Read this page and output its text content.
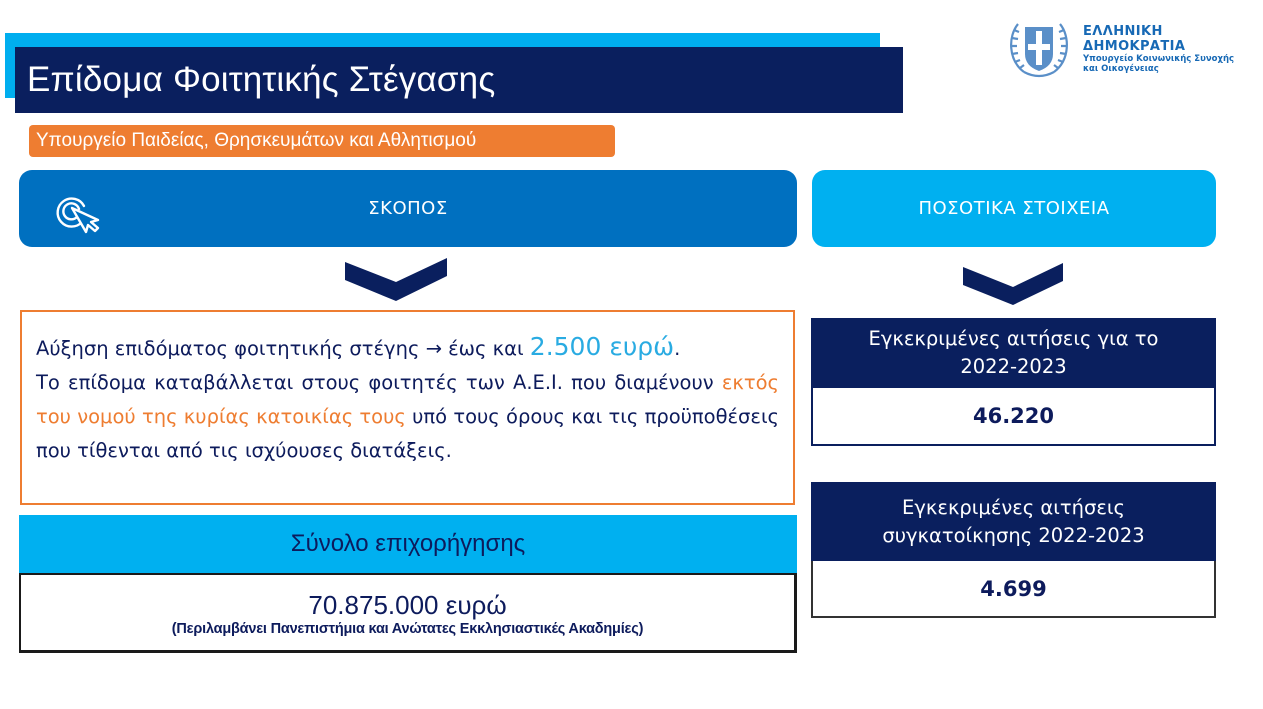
Επίδομα Φοιτητικής Στέγασης
ΕΛΛΗΝΙΚΗ ΔΗΜΟΚΡΑΤΙΑ
Υπουργείο Κοινωνικής Συνοχής
και Οικογένειας
Υπουργείο Παιδείας, Θρησκευμάτων και Αθλητισμού
ΣΚΟΠΟΣ	ΠΟΣΟΤΙΚΑ ΣΤΟΙΧΕΙΑ
Αύξηση επιδόματος φοιτητικής στέγης → έως και 2.500 ευρώ.

Το επίδομα καταβάλλεται στους φοιτητές των Α.Ε.Ι. που διαμένουν εκτός του νομού της κυρίας κατοικίας τους υπό τους όρους και τις προϋποθέσεις που τίθενται από τις ισχύουσες διατάξεις.

Σύνολο επιχορήγησης
70.875.000 ευρώ
(Περιλαμβάνει Πανεπιστήμια και Ανώτατες Εκκλησιαστικές Ακαδημίες)
Εγκεκριμένες αιτήσεις για το
2022-2023
46.220
Εγκεκριμένες αιτήσεις
συγκατοίκησης 2022-2023
4.699
